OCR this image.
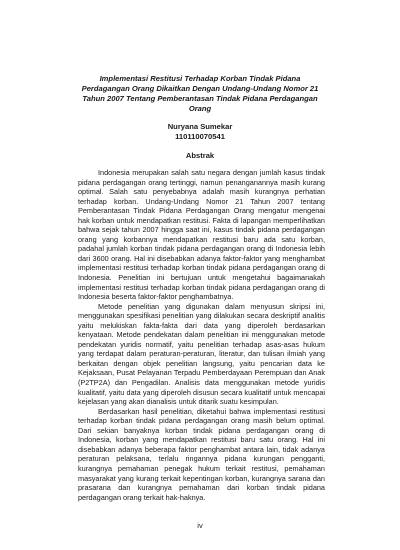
Implementasi Restitusi Terhadap Korban Tindak Pidana
Perdagangan Orang Dikaitkan Dengan Undang-Undang Nomor 21
Tahun 2007 Tentang Pemberantasan Tindak Pidana Perdagangan
Orang
Nuryana Sumekar
110110070541
Abstrak

Indonesia merupakan salah satu negara dengan jumlah kasus tindak pidana perdagangan orang tertinggi, namun penanganannya masih kurang optimal. Salah satu penyebabnya adalah masih kurangnya perhatian terhadap korban. Undang-Undang Nomor 21 Tahun 2007 tentang Pemberantasan Tindak Pidana Perdagangan Orang mengatur mengenai hak korban untuk mendapatkan restitusi. Fakta di lapangan memperlihatkan bahwa sejak tahun 2007 hingga saat ini, kasus tindak pidana perdagangan orang yang korbannya mendapatkan restitusi baru ada satu korban, padahal jumlah korban tindak pidana perdagangan orang di Indonesia lebih dari 3600 orang. Hal ini disebabkan adanya faktor-faktor yang menghambat implementasi restitusi terhadap korban tindak pidana perdagangan orang di Indonesia. Penelitian ini bertujuan untuk mengetahui bagaimanakah implementasi restitusi terhadap korban tindak pidana perdagangan orang di Indonesia beserta faktor-faktor penghambatnya.

Metode penelitian yang digunakan dalam menyusun skripsi ini, menggunakan spesifikasi penelitian yang dilakukan secara deskriptif analitis yaitu melukiskan fakta-fakta dari data yang diperoleh berdasarkan kenyataan. Metode pendekatan dalam penelitian ini menggunakan metode pendekatan yuridis normatif, yaitu penelitian terhadap asas-asas hukum yang terdapat dalam peraturan-peraturan, literatur, dan tulisan ilmiah yang berkaitan dengan objek penelitian langsung, yaitu pencarian data ke Kejaksaan, Pusat Pelayanan Terpadu Pemberdayaan Perempuan dan Anak (P2TP2A) dan Pengadilan. Analisis data menggunakan metode yuridis kualitatif, yaitu data yang diperoleh disusun secara kualitatif untuk mencapai kejelasan yang akan dianalisis untuk ditarik suatu kesimpulan.

Berdasarkan hasil penelitian, diketahui bahwa implementasi restitusi terhadap korban tindak pidana perdagangan orang masih belum optimal. Dari sekian banyaknya korban tindak pidana perdagangan orang di Indonesia, korban yang mendapatkan restitusi baru satu orang. Hal ini disebabkan adanya beberapa faktor penghambat antara lain, tidak adanya peraturan pelaksana, terlalu ringannya pidana kurungan pengganti, kurangnya pemahaman penegak hukum terkait restitusi, pemahaman masyarakat yang kurang terkait kepentingan korban, kurangnya sarana dan prasarana dan kurangnya pemahaman dari korban tindak pidana perdagangan orang terkait hak-haknya.

iv
